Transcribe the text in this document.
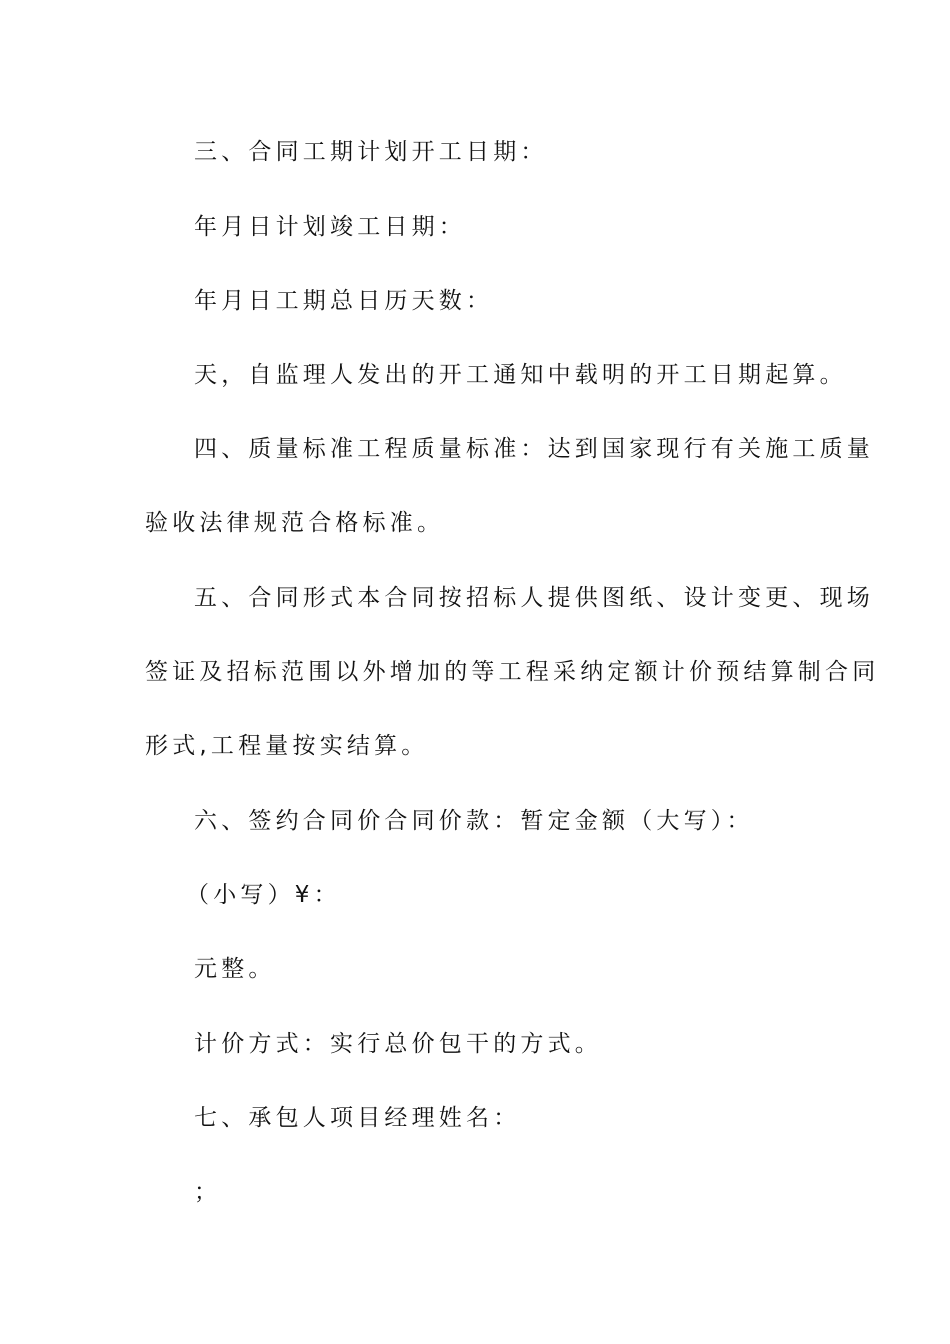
三、合同工期计划开工日期：
年月日计划竣工日期：
年月日工期总日历天数：
天，自监理人发出的开工通知中载明的开工日期起算。
四、质量标准工程质量标准：达到国家现行有关施工质量
验收法律规范合格标准。
五、合同形式本合同按招标人提供图纸、设计变更、现场
签证及招标范围以外增加的等工程采纳定额计价预结算制合同
形式,工程量按实结算。
六、签约合同价合同价款：暂定金额（大写）：
（小写）¥：
元整。
计价方式：实行总价包干的方式。
七、承包人项目经理姓名：
；
